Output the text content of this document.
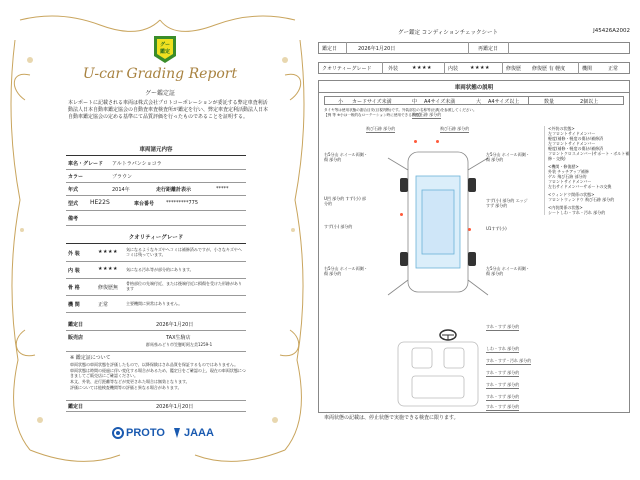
グー
鑑定
U-car Grading Report
グー鑑定証
本レポートに記載される車両は株式会社プロトコーポレーションが委託する弊定車査利活動法人日本自動車鑑定協会の自動査車査検査所が鑑定を行い、弊定車査定利活動法人日本自動車鑑定協会の定める基準にて品質評価を行ったものであることを証明する。
車両諸元内容
車名・グレード アルトラパンショコラ
カラー	ブラウン
年式	2014年	走行距離計表示	*****
型式 HE22S	車台番号 *********775
備考
クオリティーグレード
外 装	★★★★ 気になるようなキズやヘコミは補修済みですが、小さなキズやヘコミは残っています。
内 装	★★★★ 気になる汚れ等が部分的にあります。
骨 格	修復歴無
骨格部位の先端付近、または後端付近に損傷を受けた形跡があります
機 関	正常	主要機関に異常はありません。
鑑定日	2026年1月20日
販売店	TAX生駒店
群馬県みどり市笠懸町阿左美1259-1
※ 鑑定証について
車両状態の車両状態を評価したもので、以降保険はされ品質を保証するものではありません。
車両状態は時間の経過に伴い変化する場合があるため、鑑定日をご確認の上、現在の車両状態につきましてご販売店にご確認ください。
本文、外装、走行距離等などが変更された場合は無効となります。
評価については他検査機関等の評価と異なる場合があります。
鑑定日	2026年1月20日
PROTO JAAA
グー鑑定 コンディションチェックシート	J45426A2002
鑑定日	2026年1月20日	再鑑定日
クオリティーグレード	外装	★★★★	内装 ★★★★	修復歴 修復歴 有 軽度	機関	正常
車両状態の説明
小 カードサイズ未満	中 A4サイズ未満	大 A4サイズ以上	数量	2個以上
タイヤ等は使用状態の割合目安(目視判断)です。外装部位の名称等(出典)を参照してください。
【例 等 ※小は一般的なローテーション時に使用できる状態】
飛び石跡 部分的	飛び石跡 部分的
飛び石跡 部分的
右5分山 ホイール両側・傷 部分的
右5分山 ホイール両側・傷 部分的
左5分山 ホイール両側・傷 部分的
左5分山 ホイール両側・傷 部分的
U凹 部分的 すず(小) 部分的
すず(小) 部分的 エッジすず 部分的
すず(小) 部分的	U1すず(小)
すれ・すず 部分的
しわ・すれ 部分的
すれ・すず・汚れ 部分的
すれ・すず 部分的
すれ・すず 部分的
すれ・すず 部分的
すれ・すず 部分的
<外装の状態>
左フロントサイドメンバー
軽度(補修・軽度の傷)が補修済
左フロントサイドメンバー
軽度(補修・軽度の傷)が補修済
フロントクロスメンバー(サポート・ボルト補修・交換)
<機関・修復歴>
外装 チッチアップ補修
ゲル 飛び石跡 部分的
フロントサイドメンバー
左右サイドメンバーサポートの交換
<ウィンドウ関係の状態>
フロントウィンドウ 飛び石跡 部分的
<内装関係の状態>
シートしわ・すれ・汚れ 部分的
車両状態の記載は、停止状態で実施できる検査に限ります。
